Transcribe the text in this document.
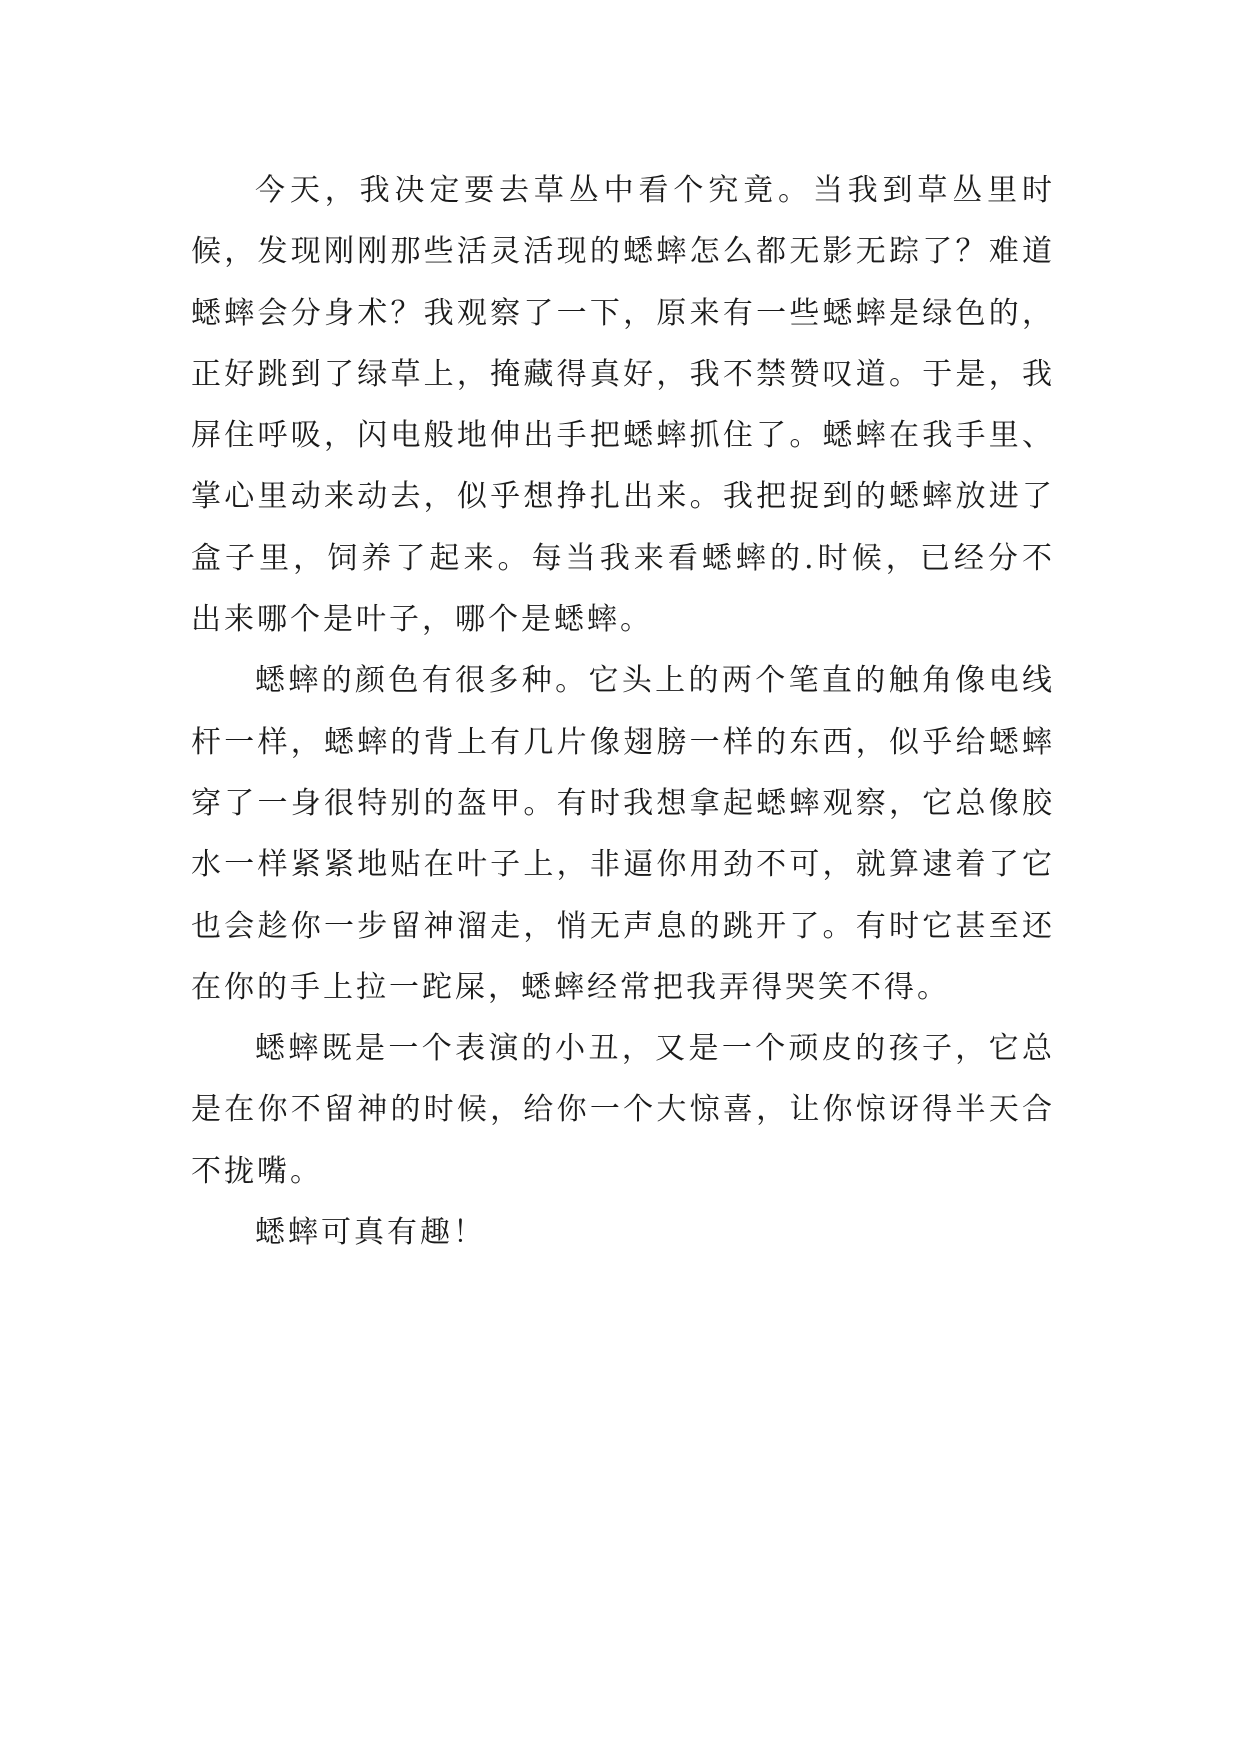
今天，我决定要去草丛中看个究竟。当我到草丛里时候，发现刚刚那些活灵活现的蟋蟀怎么都无影无踪了？难道蟋蟀会分身术？我观察了一下，原来有一些蟋蟀是绿色的，正好跳到了绿草上，掩藏得真好，我不禁赞叹道。于是，我屏住呼吸，闪电般地伸出手把蟋蟀抓住了。蟋蟀在我手里、掌心里动来动去，似乎想挣扎出来。我把捉到的蟋蟀放进了盒子里，饲养了起来。每当我来看蟋蟀的.时候，已经分不出来哪个是叶子，哪个是蟋蟀。

蟋蟀的颜色有很多种。它头上的两个笔直的触角像电线杆一样，蟋蟀的背上有几片像翅膀一样的东西，似乎给蟋蟀穿了一身很特别的盔甲。有时我想拿起蟋蟀观察，它总像胶水一样紧紧地贴在叶子上，非逼你用劲不可，就算逮着了它也会趁你一步留神溜走，悄无声息的跳开了。有时它甚至还在你的手上拉一跎屎，蟋蟀经常把我弄得哭笑不得。

蟋蟀既是一个表演的小丑，又是一个顽皮的孩子，它总是在你不留神的时候，给你一个大惊喜，让你惊讶得半天合不拢嘴。

蟋蟀可真有趣！
